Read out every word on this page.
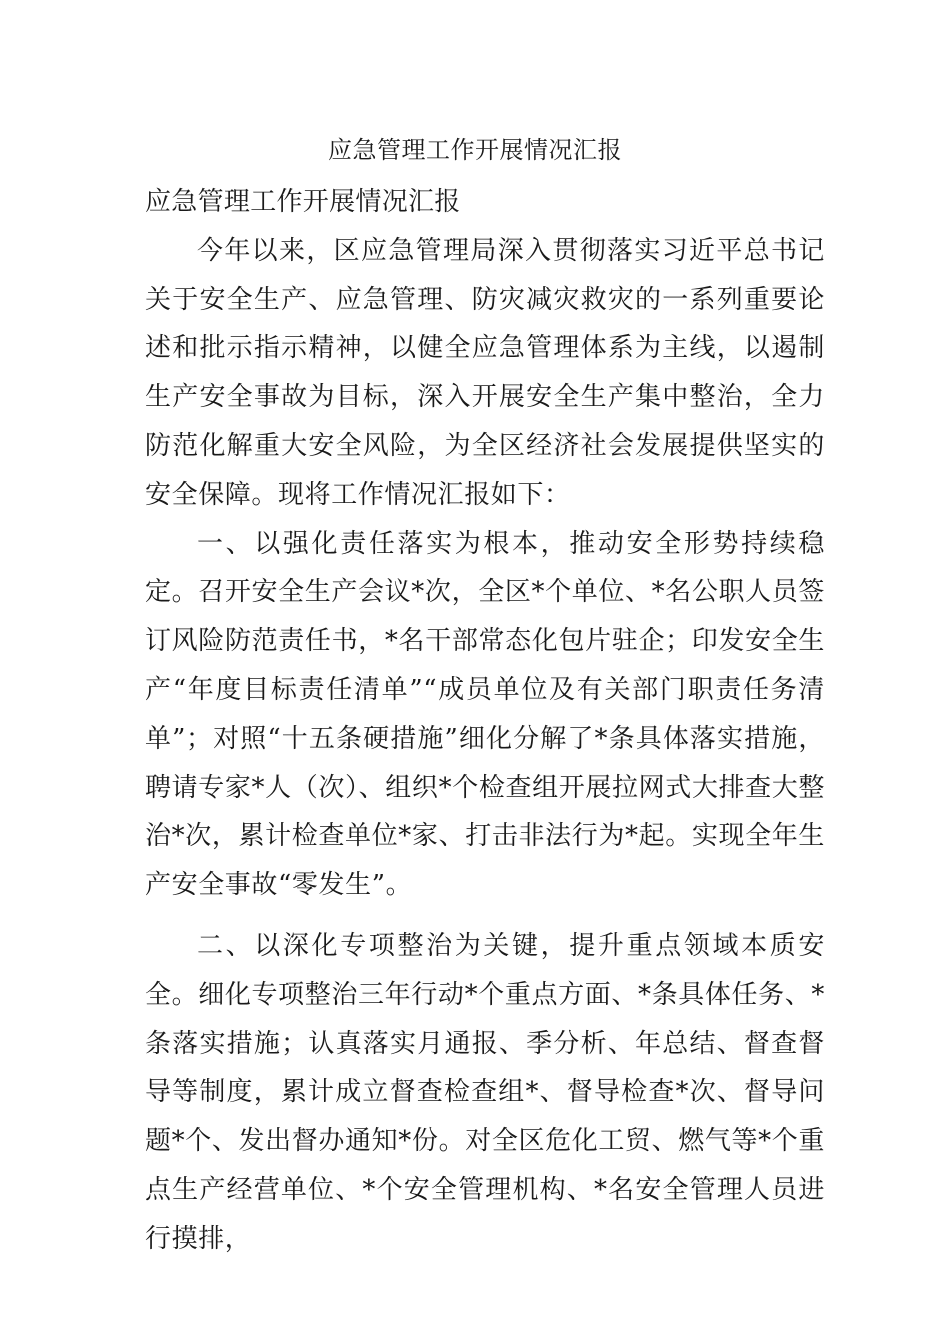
应急管理工作开展情况汇报

应急管理工作开展情况汇报

今年以来，区应急管理局深入贯彻落实习近平总书记关于安全生产、应急管理、防灾减灾救灾的一系列重要论述和批示指示精神，以健全应急管理体系为主线，以遏制生产安全事故为目标，深入开展安全生产集中整治，全力防范化解重大安全风险，为全区经济社会发展提供坚实的安全保障。现将工作情况汇报如下：

一、以强化责任落实为根本，推动安全形势持续稳定。召开安全生产会议*次，全区*个单位、*名公职人员签订风险防范责任书，*名干部常态化包片驻企；印发安全生产“年度目标责任清单”“成员单位及有关部门职责任务清单”；对照“十五条硬措施”细化分解了*条具体落实措施，聘请专家*人（次）、组织*个检查组开展拉网式大排查大整治*次，累计检查单位*家、打击非法行为*起。实现全年生产安全事故“零发生”。

二、以深化专项整治为关键，提升重点领域本质安全。细化专项整治三年行动*个重点方面、*条具体任务、*条落实措施；认真落实月通报、季分析、年总结、督查督导等制度，累计成立督查检查组*、督导检查*次、督导问题*个、发出督办通知*份。对全区危化工贸、燃气等*个重点生产经营单位、*个安全管理机构、*名安全管理人员进行摸排，
